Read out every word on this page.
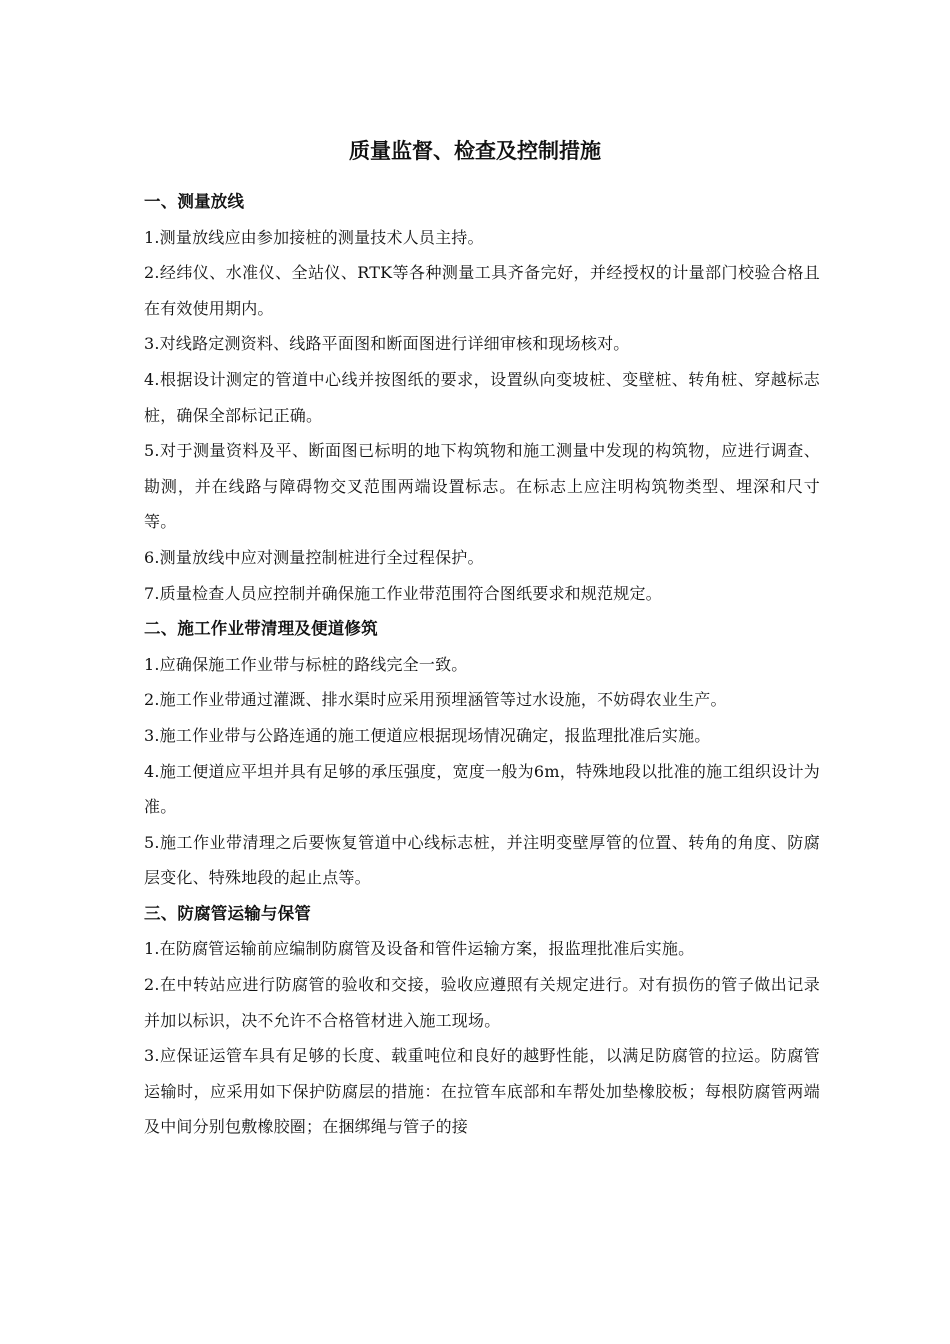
质量监督、检查及控制措施
一、测量放线

1.测量放线应由参加接桩的测量技术人员主持。

2.经纬仪、水准仪、全站仪、RTK等各种测量工具齐备完好，并经授权的计量部门校验合格且在有效使用期内。

3.对线路定测资料、线路平面图和断面图进行详细审核和现场核对。

4.根据设计测定的管道中心线并按图纸的要求，设置纵向变坡桩、变壁桩、转角桩、穿越标志桩，确保全部标记正确。

5.对于测量资料及平、断面图已标明的地下构筑物和施工测量中发现的构筑物，应进行调查、勘测，并在线路与障碍物交叉范围两端设置标志。在标志上应注明构筑物类型、埋深和尺寸等。

6.测量放线中应对测量控制桩进行全过程保护。

7.质量检查人员应控制并确保施工作业带范围符合图纸要求和规范规定。

二、施工作业带清理及便道修筑

1.应确保施工作业带与标桩的路线完全一致。

2.施工作业带通过灌溉、排水渠时应采用预埋涵管等过水设施，不妨碍农业生产。

3.施工作业带与公路连通的施工便道应根据现场情况确定，报监理批准后实施。

4.施工便道应平坦并具有足够的承压强度，宽度一般为6m，特殊地段以批准的施工组织设计为准。

5.施工作业带清理之后要恢复管道中心线标志桩，并注明变壁厚管的位置、转角的角度、防腐层变化、特殊地段的起止点等。

三、防腐管运输与保管

1.在防腐管运输前应编制防腐管及设备和管件运输方案，报监理批准后实施。

2.在中转站应进行防腐管的验收和交接，验收应遵照有关规定进行。对有损伤的管子做出记录并加以标识，决不允许不合格管材进入施工现场。

3.应保证运管车具有足够的长度、载重吨位和良好的越野性能，以满足防腐管的拉运。防腐管运输时，应采用如下保护防腐层的措施：在拉管车底部和车帮处加垫橡胶板；每根防腐管两端及中间分别包敷橡胶圈；在捆绑绳与管子的接
